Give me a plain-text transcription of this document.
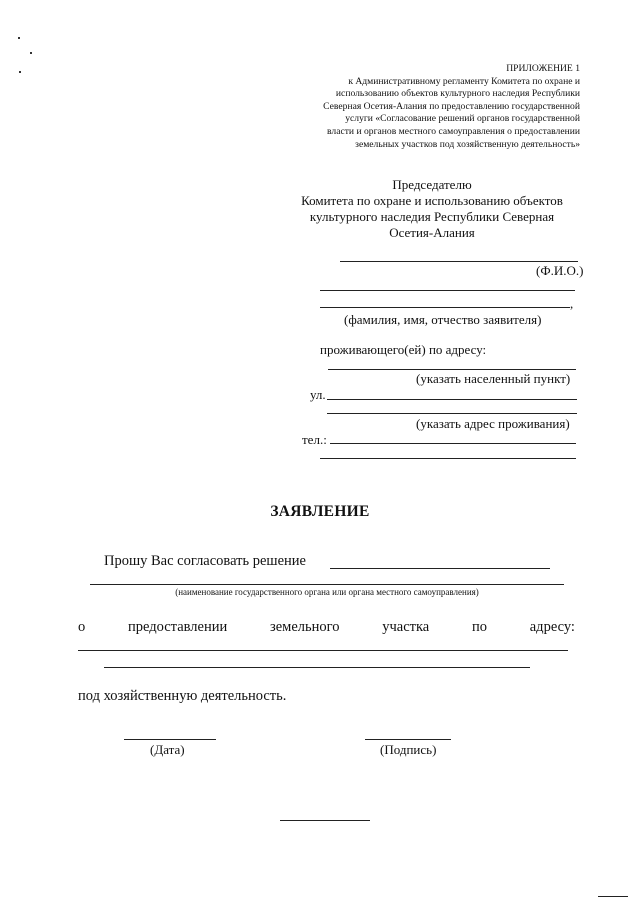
ПРИЛОЖЕНИЕ 1
к Административному регламенту Комитета по охране и
использованию объектов культурного наследия Республики
Северная Осетия-Алания по предоставлению государственной
услуги «Согласование решений органов государственной
власти и органов местного самоуправления о предоставлении
земельных участков под хозяйственную деятельность»
Председателю
Комитета по охране и использованию объектов
культурного наследия Республики Северная
Осетия-Алания
(Ф.И.О.)
,
(фамилия, имя, отчество заявителя)
проживающего(ей) по адресу:
(указать населенный пункт)
ул.
(указать адрес проживания)
тел.:
ЗАЯВЛЕНИЕ
Прошу Вас согласовать решение
(наименование государственного органа или органа местного самоуправления)
о	предоставлении	земельного	участка	по	адресу:
под хозяйственную деятельность.
(Дата)	(Подпись)
